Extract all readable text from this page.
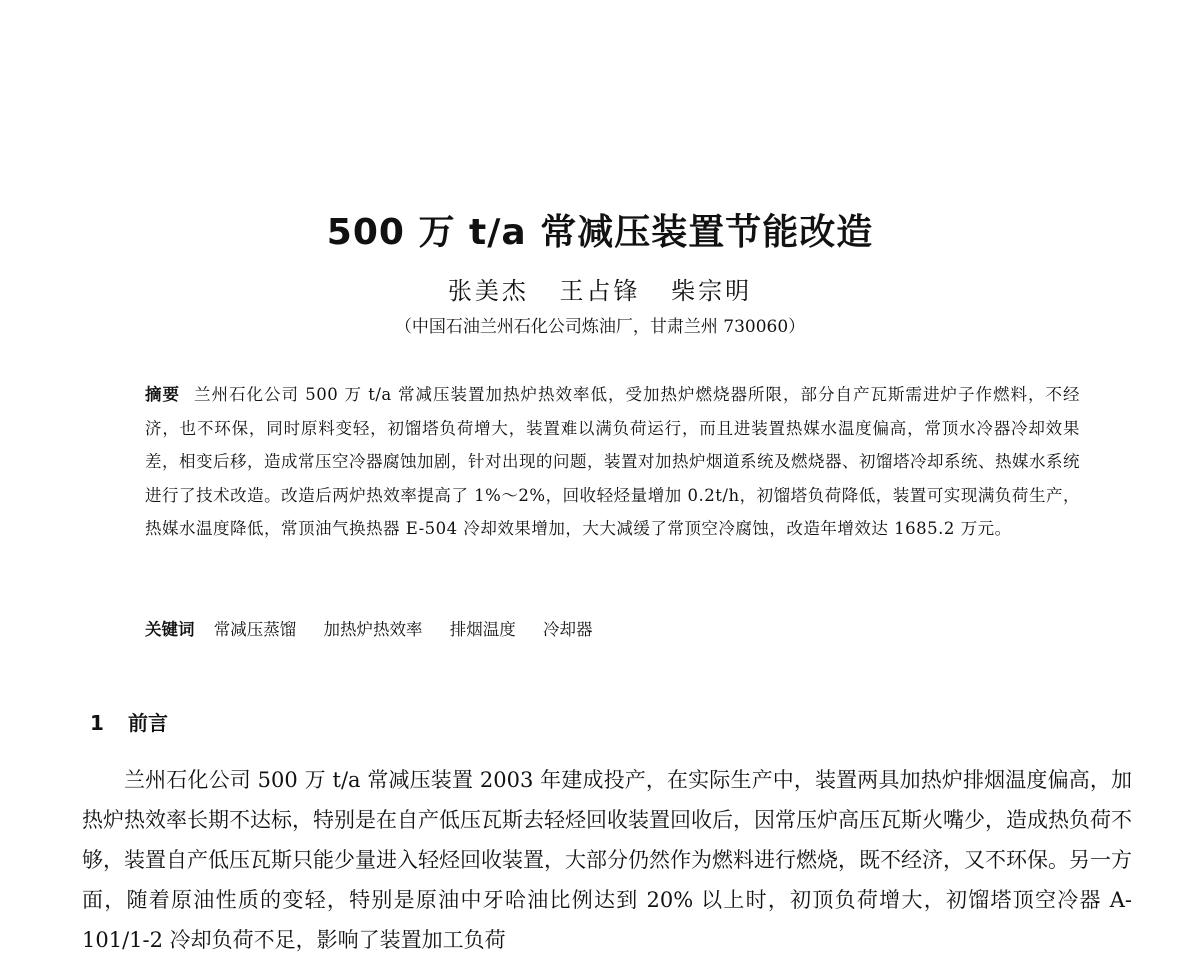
500 万 t/a 常减压装置节能改造
张美杰 王占锋 柴宗明
（中国石油兰州石化公司炼油厂，甘肃兰州 730060）
摘要 兰州石化公司 500 万 t/a 常减压装置加热炉热效率低，受加热炉燃烧器所限，部分自产瓦斯需进炉子作燃料，不经济，也不环保，同时原料变轻，初馏塔负荷增大，装置难以满负荷运行，而且进装置热媒水温度偏高，常顶水冷器冷却效果差，相变后移，造成常压空冷器腐蚀加剧，针对出现的问题，装置对加热炉烟道系统及燃烧器、初馏塔冷却系统、热媒水系统进行了技术改造。改造后两炉热效率提高了 1%～2%，回收轻烃量增加 0.2t/h，初馏塔负荷降低，装置可实现满负荷生产，热媒水温度降低，常顶油气换热器 E-504 冷却效果增加，大大减缓了常顶空冷腐蚀，改造年增效达 1685.2 万元。
关键词 常减压蒸馏 加热炉热效率 排烟温度 冷却器
1 前言

兰州石化公司 500 万 t/a 常减压装置 2003 年建成投产，在实际生产中，装置两具加热炉排烟温度偏高，加热炉热效率长期不达标，特别是在自产低压瓦斯去轻烃回收装置回收后，因常压炉高压瓦斯火嘴少，造成热负荷不够，装置自产低压瓦斯只能少量进入轻烃回收装置，大部分仍然作为燃料进行燃烧，既不经济，又不环保。另一方面，随着原油性质的变轻，特别是原油中牙哈油比例达到 20% 以上时，初顶负荷增大，初馏塔顶空冷器 A-101/1-2 冷却负荷不足，影响了装置加工负荷
